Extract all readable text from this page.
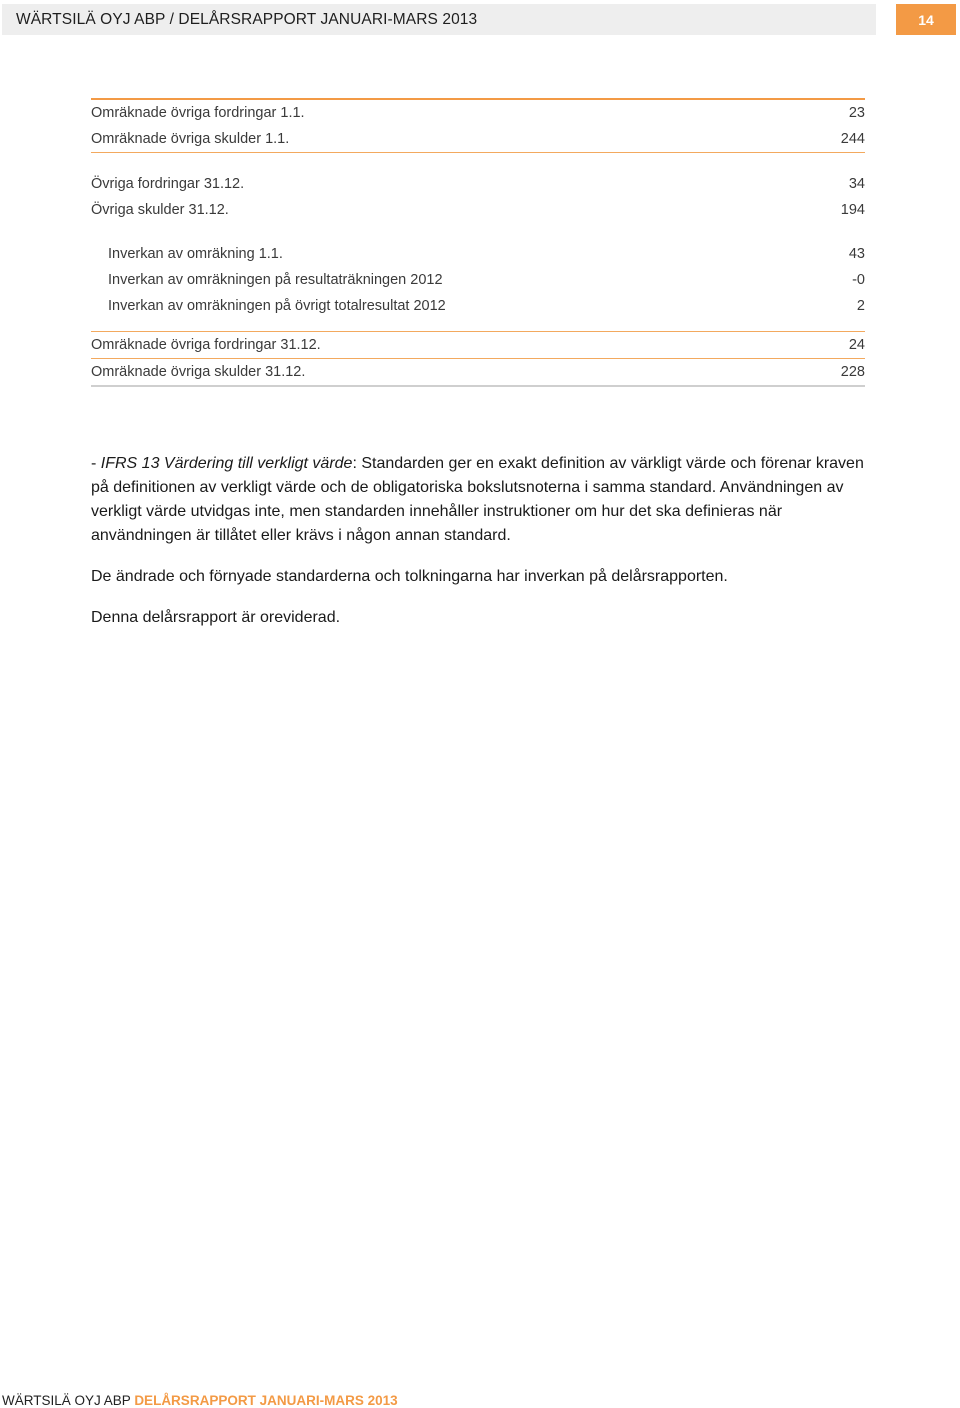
WÄRTSILÄ OYJ ABP / DELÅRSRAPPORT JANUARI-MARS 2013	14
Omräknade övriga fordringar 1.1.	23
Omräknade övriga skulder 1.1.	244
Övriga fordringar 31.12.	34
Övriga skulder 31.12.	194
Inverkan av omräkning 1.1.	43
Inverkan av omräkningen på resultaträkningen 2012	-0
Inverkan av omräkningen på övrigt totalresultat 2012	2
Omräknade övriga fordringar 31.12.	24
Omräknade övriga skulder 31.12.	228

- IFRS 13 Värdering till verkligt värde: Standarden ger en exakt definition av värkligt värde och förenar kraven på definitionen av verkligt värde och de obligatoriska bokslutsnoterna i samma standard. Användningen av verkligt värde utvidgas inte, men standarden innehåller instruktioner om hur det ska definieras när användningen är tillåtet eller krävs i någon annan standard.

De ändrade och förnyade standarderna och tolkningarna har inverkan på delårsrapporten.

Denna delårsrapport är oreviderad.

WÄRTSILÄ OYJ ABP DELÅRSRAPPORT JANUARI-MARS 2013
